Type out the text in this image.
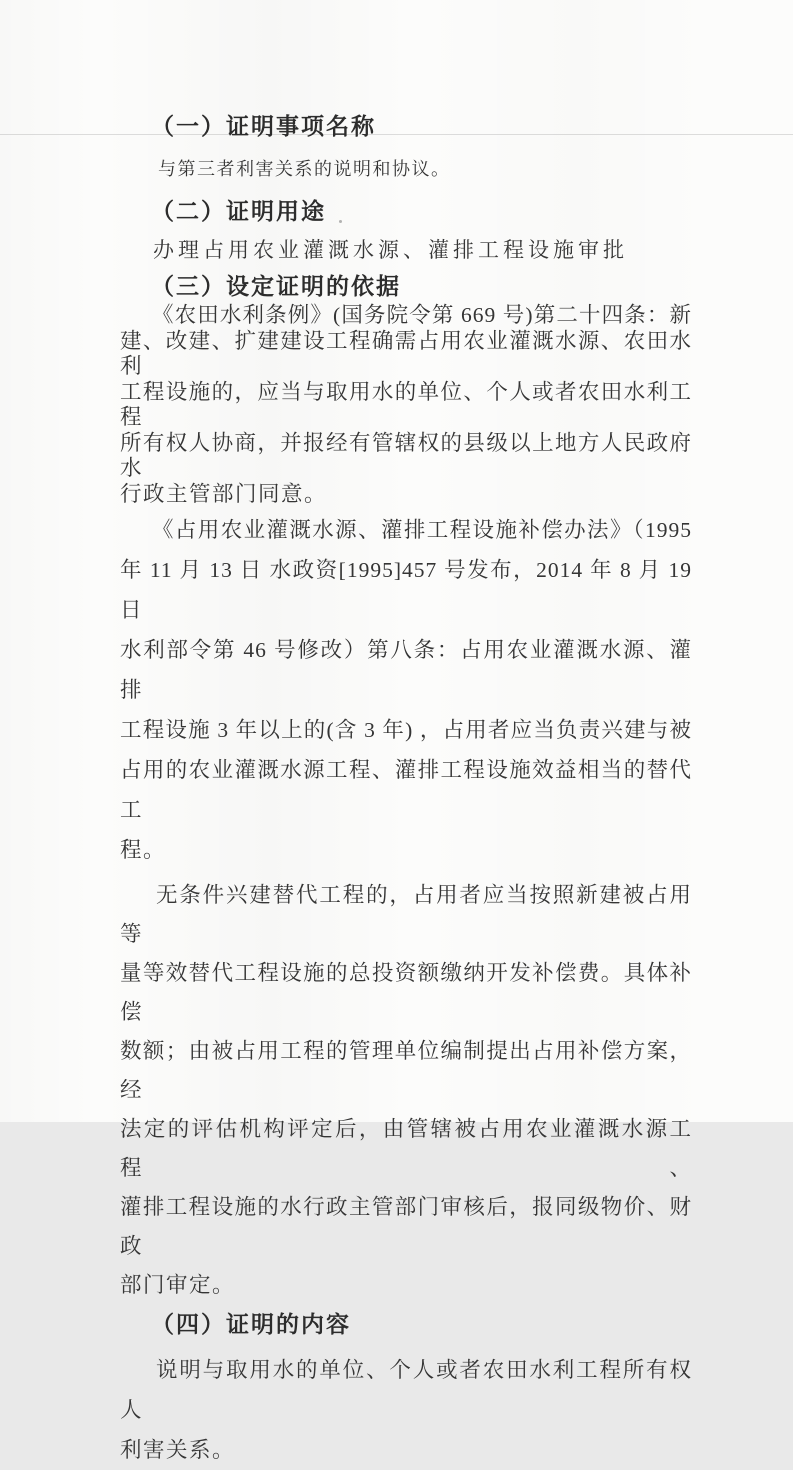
（一）证明事项名称
与第三者利害关系的说明和协议。
（二）证明用途
办理占用农业灌溉水源、灌排工程设施审批
（三）设定证明的依据
《农田水利条例》(国务院令第 669 号)第二十四条：新
建、改建、扩建建设工程确需占用农业灌溉水源、农田水利
工程设施的，应当与取用水的单位、个人或者农田水利工程
所有权人协商，并报经有管辖权的县级以上地方人民政府水
行政主管部门同意。
《占用农业灌溉水源、灌排工程设施补偿办法》（1995
年 11 月 13 日 水政资[1995]457 号发布，2014 年 8 月 19 日
水利部令第 46 号修改）第八条：占用农业灌溉水源、灌排
工程设施 3 年以上的(含 3 年) ，占用者应当负责兴建与被
占用的农业灌溉水源工程、灌排工程设施效益相当的替代工
程。
无条件兴建替代工程的，占用者应当按照新建被占用等
量等效替代工程设施的总投资额缴纳开发补偿费。具体补偿
数额；由被占用工程的管理单位编制提出占用补偿方案，经
法定的评估机构评定后，由管辖被占用农业灌溉水源工程、
灌排工程设施的水行政主管部门审核后，报同级物价、财政
部门审定。
（四）证明的内容
说明与取用水的单位、个人或者农田水利工程所有权人
利害关系。
